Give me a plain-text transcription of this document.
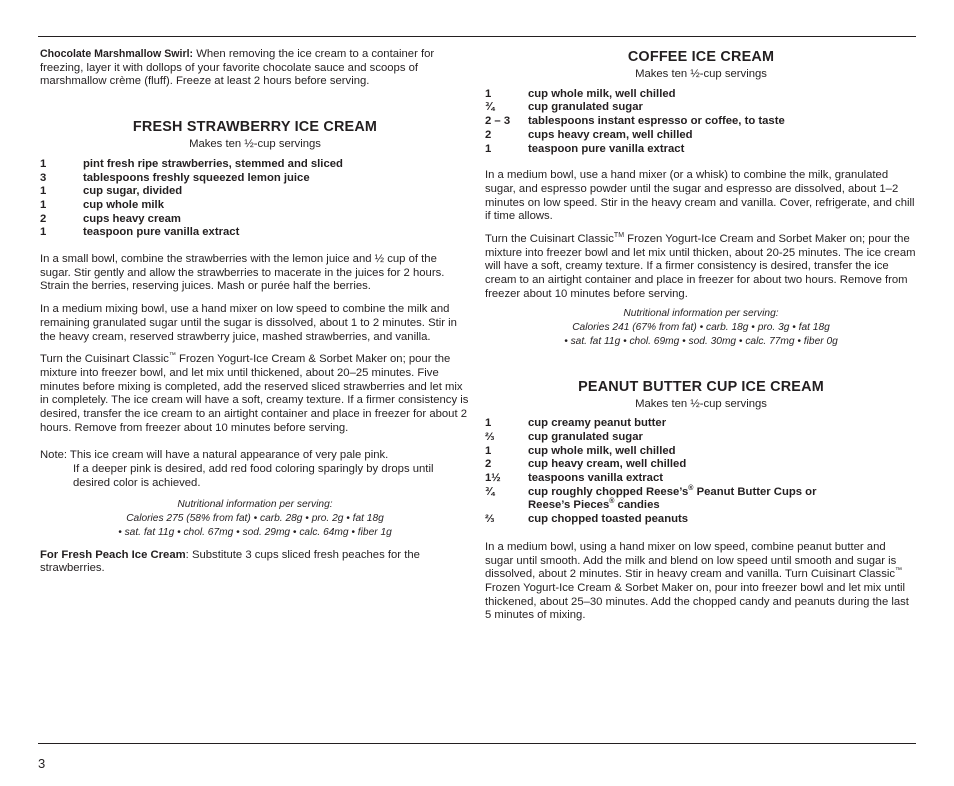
Chocolate Marshmallow Swirl: When removing the ice cream to a container for freezing, layer it with dollops of your favorite chocolate sauce and scoops of marshmallow crème (fluff). Freeze at least 2 hours before serving.

FRESH STRAWBERRY ICE CREAM

Makes ten ½-cup servings

1	pint fresh ripe strawberries, stemmed and sliced
3	tablespoons freshly squeezed lemon juice
1	cup sugar, divided
1	cup whole milk
2	cups heavy cream
1	teaspoon pure vanilla extract

In a small bowl, combine the strawberries with the lemon juice and ½ cup of the sugar. Stir gently and allow the strawberries to macerate in the juices for 2 hours. Strain the berries, reserving juices. Mash or purée half the berries.

In a medium mixing bowl, use a hand mixer on low speed to combine the milk and remaining granulated sugar until the sugar is dissolved, about 1 to 2 minutes. Stir in the heavy cream, reserved strawberry juice, mashed strawberries, and vanilla.

Turn the Cuisinart Classic™ Frozen Yogurt-Ice Cream & Sorbet Maker on; pour the mixture into freezer bowl, and let mix until thickened, about 20–25 minutes. Five minutes before mixing is completed, add the reserved sliced strawberries and let mix in completely. The ice cream will have a soft, creamy texture. If a firmer consistency is desired, transfer the ice cream to an airtight container and place in freezer for about 2 hours. Remove from freezer about 10 minutes before serving.

Note: This ice cream will have a natural appearance of very pale pink.

If a deeper pink is desired, add red food coloring sparingly by drops until desired color is achieved.

Nutritional information per serving:

Calories 275 (58% from fat) • carb. 28g • pro. 2g • fat 18g

• sat. fat 11g • chol. 67mg • sod. 29mg • calc. 64mg • fiber 1g

For Fresh Peach Ice Cream: Substitute 3 cups sliced fresh peaches for the strawberries.

COFFEE ICE CREAM

Makes ten ½-cup servings

1	cup whole milk, well chilled
¾	cup granulated sugar
2 – 3	tablespoons instant espresso or coffee, to taste
2	cups heavy cream, well chilled
1	teaspoon pure vanilla extract

In a medium bowl, use a hand mixer (or a whisk) to combine the milk, granulated sugar, and espresso powder until the sugar and espresso are dissolved, about 1–2 minutes on low speed. Stir in the heavy cream and vanilla. Cover, refrigerate, and chill if time allows.

Turn the Cuisinart Classic™ Frozen Yogurt-Ice Cream and Sorbet Maker on; pour the mixture into freezer bowl and let mix until thicken, about 20-25 minutes. The ice cream will have a soft, creamy texture. If a firmer consistency is desired, transfer the ice cream to an airtight container and place in freezer for about two hours. Remove from freezer about 10 minutes before serving.

Nutritional information per serving:

Calories 241 (67% from fat) • carb. 18g • pro. 3g • fat 18g

• sat. fat 11g • chol. 69mg • sod. 30mg • calc. 77mg • fiber 0g

PEANUT BUTTER CUP ICE CREAM

Makes ten ½-cup servings

1	cup creamy peanut butter
⅔	cup granulated sugar
1	cup whole milk, well chilled
2	cup heavy cream, well chilled
1½	teaspoons vanilla extract
¾	cup roughly chopped Reese’s® Peanut Butter Cups or
Reese’s Pieces® candies
⅔	cup chopped toasted peanuts

In a medium bowl, using a hand mixer on low speed, combine peanut butter and sugar until smooth. Add the milk and blend on low speed until smooth and sugar is dissolved, about 2 minutes. Stir in heavy cream and vanilla. Turn Cuisinart Classic™ Frozen Yogurt-Ice Cream & Sorbet Maker on, pour into freezer bowl and let mix until thickened, about 25–30 minutes. Add the chopped candy and peanuts during the last 5 minutes of mixing.

3
